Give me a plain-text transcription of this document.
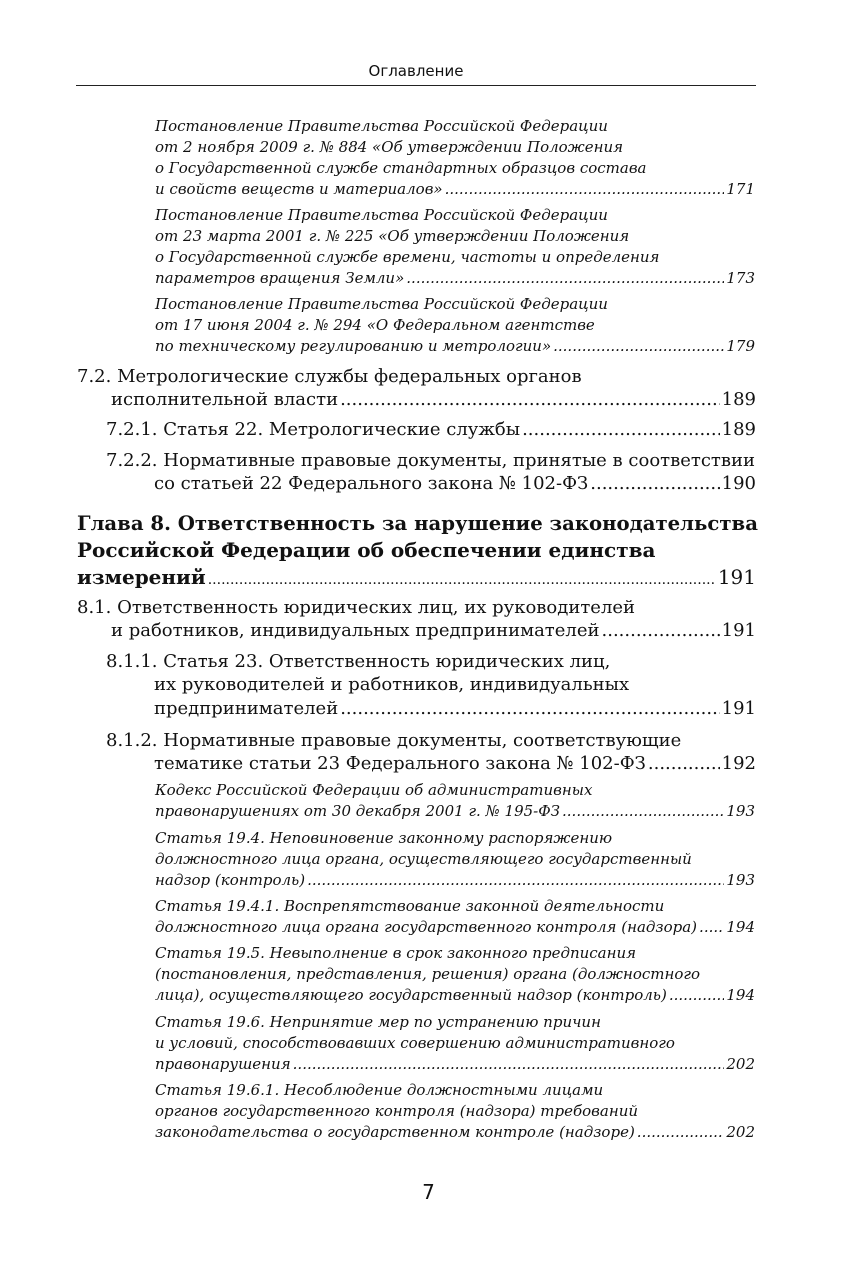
Оглавление
Постановление Правительства Российской Федерации
от 2 ноября 2009 г. № 884 «Об утверждении Положения
о Государственной службе стандартных образцов состава
и свойств веществ и материалов» .....	171
Постановление Правительства Российской Федерации
от 23 марта 2001 г. № 225 «Об утверждении Положения
о Государственной службе времени, частоты и определения
параметров вращения Земли» .....	173
Постановление Правительства Российской Федерации
от 17 июня 2004 г. № 294 «О Федеральном агентстве
по техническому регулированию и метрологии» .....	179
7.2. Метрологические службы федеральных органов
исполнительной власти .....	189
7.2.1. Статья 22. Метрологические службы .....	189
7.2.2. Нормативные правовые документы, принятые в соответствии
со статьей 22 Федерального закона № 102-ФЗ .....	190
Глава 8. Ответственность за нарушение законодательства
Российской Федерации об обеспечении единства
измерений .....	191
8.1. Ответственность юридических лиц, их руководителей
и работников, индивидуальных предпринимателей .....	191
8.1.1. Статья 23. Ответственность юридических лиц,
их руководителей и работников, индивидуальных
предпринимателей .....	191
8.1.2. Нормативные правовые документы, соответствующие
тематике статьи 23 Федерального закона № 102-ФЗ .....	192
Кодекс Российской Федерации об административных
правонарушениях от 30 декабря 2001 г. № 195-ФЗ .....	193
Статья 19.4. Неповиновение законному распоряжению
должностного лица органа, осуществляющего государственный
надзор (контроль) .....	193
Статья 19.4.1. Воспрепятствование законной деятельности
должностного лица органа государственного контроля (надзора) ..... 194
Статья 19.5. Невыполнение в срок законного предписания
(постановления, представления, решения) органа (должностного
лица), осуществляющего государственный надзор (контроль) .....	194
Статья 19.6. Непринятие мер по устранению причин
и условий, способствовавших совершению административного
правонарушения .....	202
Статья 19.6.1. Несоблюдение должностными лицами
органов государственного контроля (надзора) требований
законодательства о государственном контроле (надзоре) .....	202
7
